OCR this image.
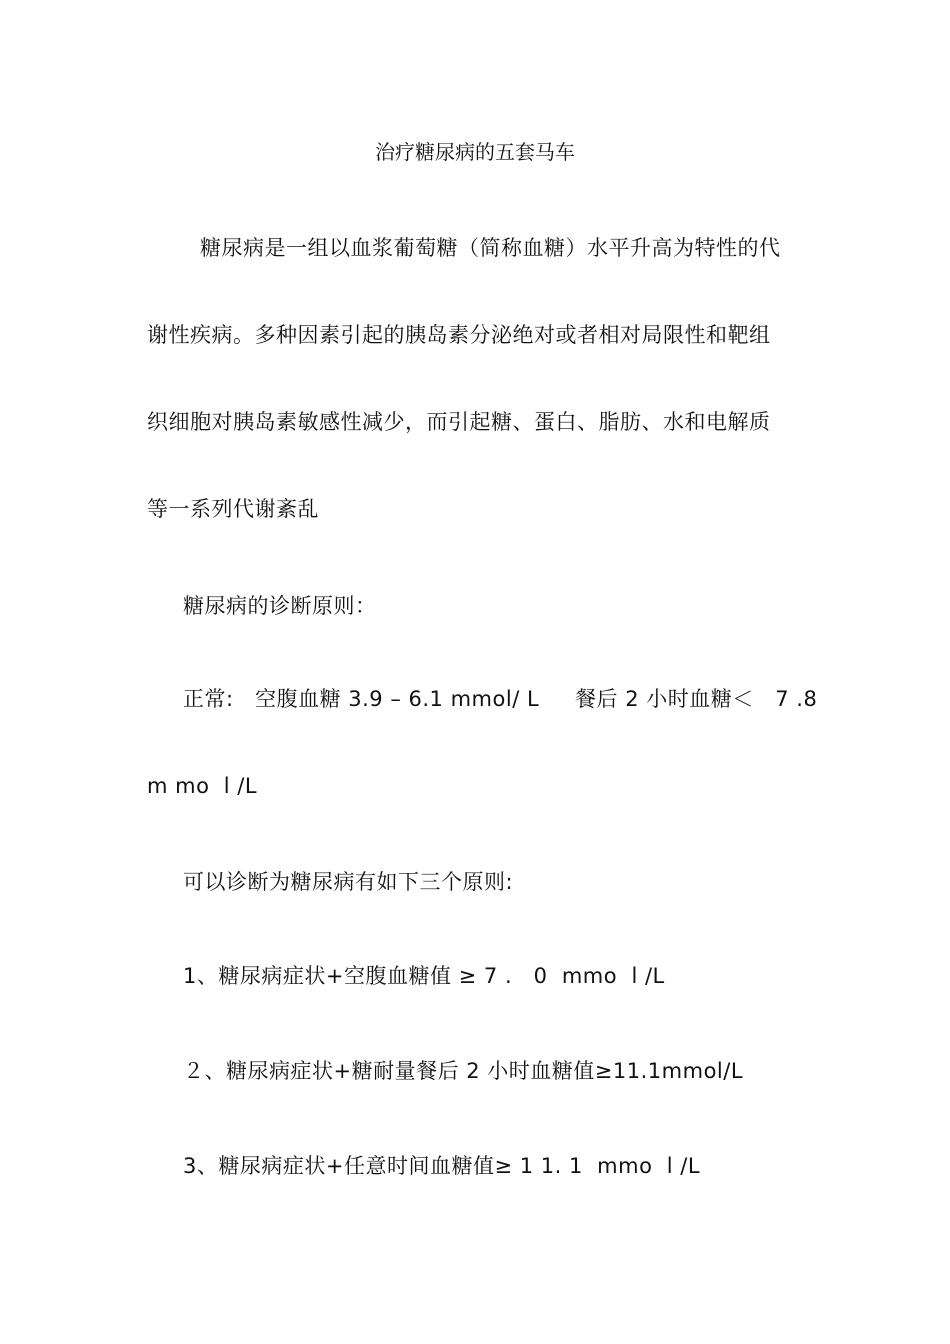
治疗糖尿病的五套马车
糖尿病是一组以血浆葡萄糖（简称血糖）水平升高为特性的代
谢性疾病。多种因素引起的胰岛素分泌绝对或者相对局限性和靶组
织细胞对胰岛素敏感性减少，而引起糖、蛋白、脂肪、水和电解质
等一系列代谢紊乱
糖尿病的诊断原则：
正常:   空腹血糖 3.9 – 6.1 mmol/ L     餐后 2 小时血糖＜   7 .8
m mo  l /L
可以诊断为糖尿病有如下三个原则:
1、糖尿病症状+空腹血糖值 ≥ 7 .   0  mmo  l /L
２、糖尿病症状+糖耐量餐后 2 小时血糖值≥11.1mmol/L
3、糖尿病症状+任意时间血糖值≥ 1 1. 1  mmo  l /L
